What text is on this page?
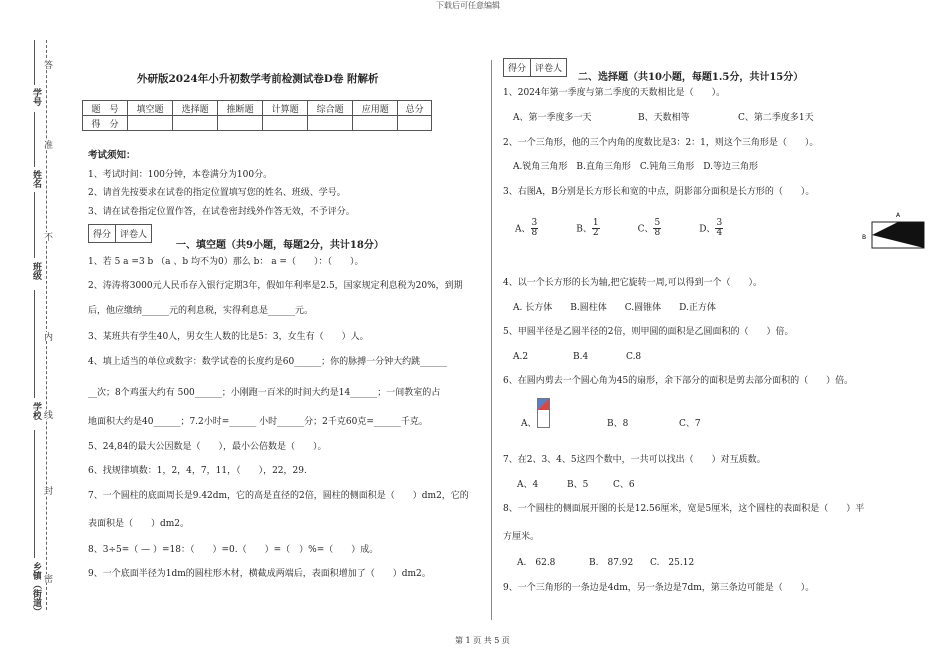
下载后可任意编辑
学号
姓名
班级
学校
乡镇（街道）
答
准
不
内
线
封
密
外研版2024年小升初数学考前检测试卷D卷 附解析
题　号	填空题	选择题	推断题	计算题	综合题	应用题	总分
得　分							
考试须知：
1、考试时间：100分钟，本卷满分为100分。
2、请首先按要求在试卷的指定位置填写您的姓名、班级、学号。
3、请在试卷指定位置作答，在试卷密封线外作答无效，不予评分。
得分	评卷人
一、填空题（共9小题，每题2分，共计18分）
1、若 5 a =3 b （a 、b 均不为0）那么 b： a =（　　）：（　　）。
2、涛涛将3000元人民币存入银行定期3年，假如年利率是2.5，国家规定利息税为20%，到期
后，他应缴纳______元的利息税，实得利息是______元。
3、某班共有学生40人，男女生人数的比是5：3，女生有（　　）人。
4、填上适当的单位或数字：数学试卷的长度约是60______；你的脉搏一分钟大约跳______
__次；8个鸡蛋大约有 500______；小刚跑一百米的时间大约是14______；一间教室的占
地面积大约是40______；7.2小时=______ 小时______分；2千克60克=______千克。
5、24,84的最大公因数是（　　），最小公倍数是（　　）。
6、找规律填数：1，2，4，7，11，（　　），22，29.
7、一个圆柱的底面周长是9.42dm，它的高是直径的2倍，圆柱的侧面积是（　　）dm2，它的
表面积是（　　）dm2。
8、3÷5=（ — ）=18：（　　）=0.（　　）=（　）%=（　　）成。
9、一个底面半径为1dm的圆柱形木材，横截成两端后，表面积增加了（　　）dm2。
得分	评卷人
二、选择题（共10小题，每题1.5分，共计15分）
1、2024年第一季度与第二季度的天数相比是（　　）。
A、第一季度多一天	B、天数相等	C、第二季度多1天
2、一个三角形，他的三个内角的度数比是3：2：1，则这个三角形是（　　）。
A.锐角三角形　B.直角三角形　C.钝角三角形　D.等边三角形
3、右图A，B分别是长方形长和宽的中点，阴影部分面积是长方形的（　　）。
A、 $\frac{3}{8}$	B、 $\frac{1}{2}$	C、 $\frac{5}{8}$	D、 $\frac{3}{4}$
A
B
4、以一个长方形的长为轴,把它旋转一周,可以得到一个（　　）。
A. 长方体　　B.圆柱体　　C.圆锥体　　D.正方体
5、甲圆半径是乙圆半径的2倍，则甲圆的面积是乙圆面积的（　　）倍。
A.2	B.4	C.8
6、在圆内剪去一个圆心角为45的扇形，余下部分的面积是剪去部分面积的（　　）倍。
A、	B、8	C、7
7、在2、3、4、5这四个数中，一共可以找出（　　）对互质数。
A、4	B、5	C、6
8、一个圆柱的侧面展开图的长是12.56厘米，宽是5厘米，这个圆柱的表面积是（　　）平
方厘米。
A.　62.8	B.　87.92 C.　25.12
9、一个三角形的一条边是4dm，另一条边是7dm，第三条边可能是（　　）。
第 1 页 共 5 页
